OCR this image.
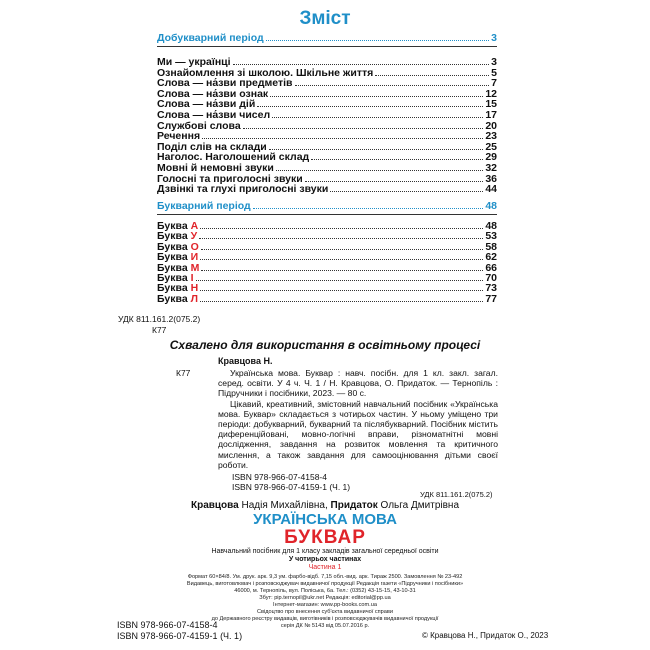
Зміст
Добукварний період	3
Ми — українці	3
Ознайомлення зі школою. Шкільне життя	5
Слова — на́зви предметів	7
Слова — на́зви ознак	12
Слова — на́зви дій	15
Слова — на́зви чисел	17
Службові слова	20
Речення	23
Поділ слів на склади	25
Наголос. Наголошений склад	29
Мовні й немовні звуки	32
Голосні та приголосні звуки	36
Дзвінкі та глухі приголосні звуки	44
Букварний період	48
Буква А	48
Буква У	53
Буква О	58
Буква И	62
Буква М	66
Буква І	70
Буква Н	73
Буква Л	77
УДК 811.161.2(075.2)
К77
Схвалено для використання в освітньому процесі
Кравцова Н.
К77	Українська мова. Буквар : навч. посібн. для 1 кл. закл. загал. серед. освіти. У 4 ч. Ч. 1 / Н. Кравцова, О. Придаток. — Тернопіль : Підручники і посібники, 2023. — 80 с.

Цікавий, креативний, змістовний навчальний посібник «Українська мова. Буквар» складається з чотирьох частин. У ньому умiщено три періоди: добукварний, букварний та післябукварний. Посібник містить диференційовані, мовно-логічні вправи, різноматнітні мовні дослідження, завдання на розвиток мовлення та критичного мислення, а також завдання для самооцінювання дітьми своєї роботи.

ISBN 978-966-07-4158-4
ISBN 978-966-07-4159-1 (Ч. 1)
УДК 811.161.2(075.2)
Кравцова Надія Михайлівна, Придаток Ольга Дмитрівна
УКРАЇНСЬКА МОВА
БУКВАР
Навчальний посібник для 1 класу закладів загальної середньої освіти
У чотирьох частинах
Частина 1
Формат 60×84/8. Ум. друк. арк. 9,3 ум. фарбо-відб. 7,15 обл.-вид. арк. Тираж 2500. Замовлення № 23-492
Видавець, виготовлювач і розповсюджувач видавничої продукції Редакція газети «Підручники і посібники»
46000, м. Тернопіль, вул. Поліська, 6а. Тел.: (0352) 43-15-15, 43-10-31
Збут: pip.ternopil@ukr.net Редакція: editorial@pp.ua
Інтернет-магазин: www.pp-books.com.ua
Свідоцтво про внесення суб'єкта видавничої справи
до Державного реєстру видавців, виготівників і розповсюджувачів видавничої продукції
серія ДК № 5143 від 05.07.2016 р.
ISBN 978-966-07-4158-4
ISBN 978-966-07-4159-1 (Ч. 1)	© Кравцова Н., Придаток О., 2023
